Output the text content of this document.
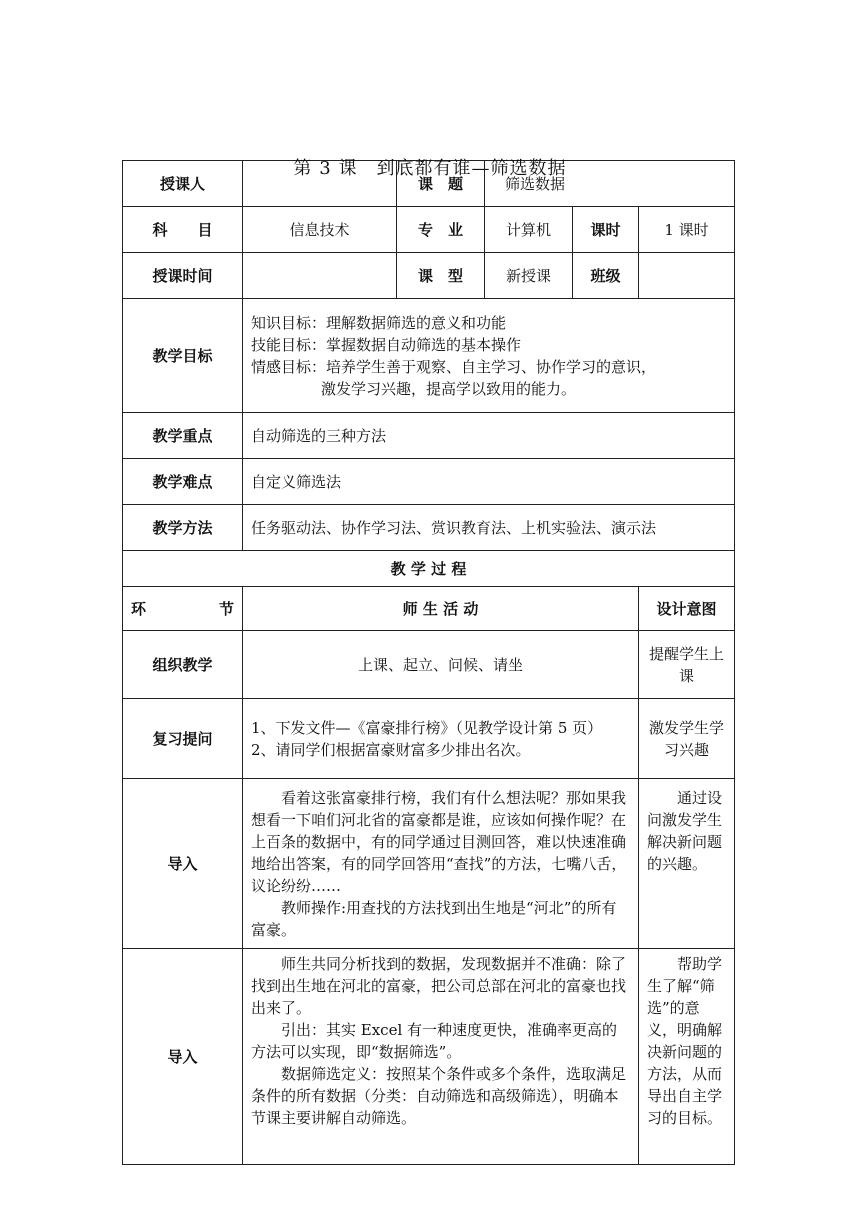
第 3 课　到底都有谁—筛选数据
授课人		课　题	筛选数据		
科　　目	信息技术	专　业	计算机	课时	1 课时
授课时间		课　型	新授课	班级	
教学目标	知识目标：理解数据筛选的意义和功能
技能目标：掌握数据自动筛选的基本操作
情感目标：培养学生善于观察、自主学习、协作学习的意识，
激发学习兴趣，提高学以致用的能力。				

教学重点	自动筛选的三种方法				
教学难点	自定义筛选法				
教学方法	任务驱动法、协作学习法、赏识教育法、上机实验法、演示法				
教 学 过 程					

环 节	师 生 活 动				设计意图
组织教学	上课、起立、问候、请坐				提醒学生上课
复习提问	1、下发文件—《富豪排行榜》（见教学设计第 5 页）
2、请同学们根据富豪财富多少排出名次。				激发学生学习兴趣
导入	看着这张富豪排行榜，我们有什么想法呢？那如果我想看一下咱们河北省的富豪都是谁，应该如何操作呢？在上百条的数据中，有的同学通过目测回答，难以快速准确地给出答案，有的同学回答用“查找”的方法，七嘴八舌，议论纷纷……
教师操作:用查找的方法找到出生地是“河北”的所有富豪。				通过设问激发学生解决新问题的兴趣。
导入	师生共同分析找到的数据，发现数据并不准确：除了找到出生地在河北的富豪，把公司总部在河北的富豪也找出来了。
引出：其实 Excel 有一种速度更快，准确率更高的方法可以实现，即“数据筛选”。
数据筛选定义：按照某个条件或多个条件，选取满足条件的所有数据（分类：自动筛选和高级筛选），明确本节课主要讲解自动筛选。				帮助学生了解“筛选”的意义，明确解决新问题的方法，从而导出自主学习的目标。
